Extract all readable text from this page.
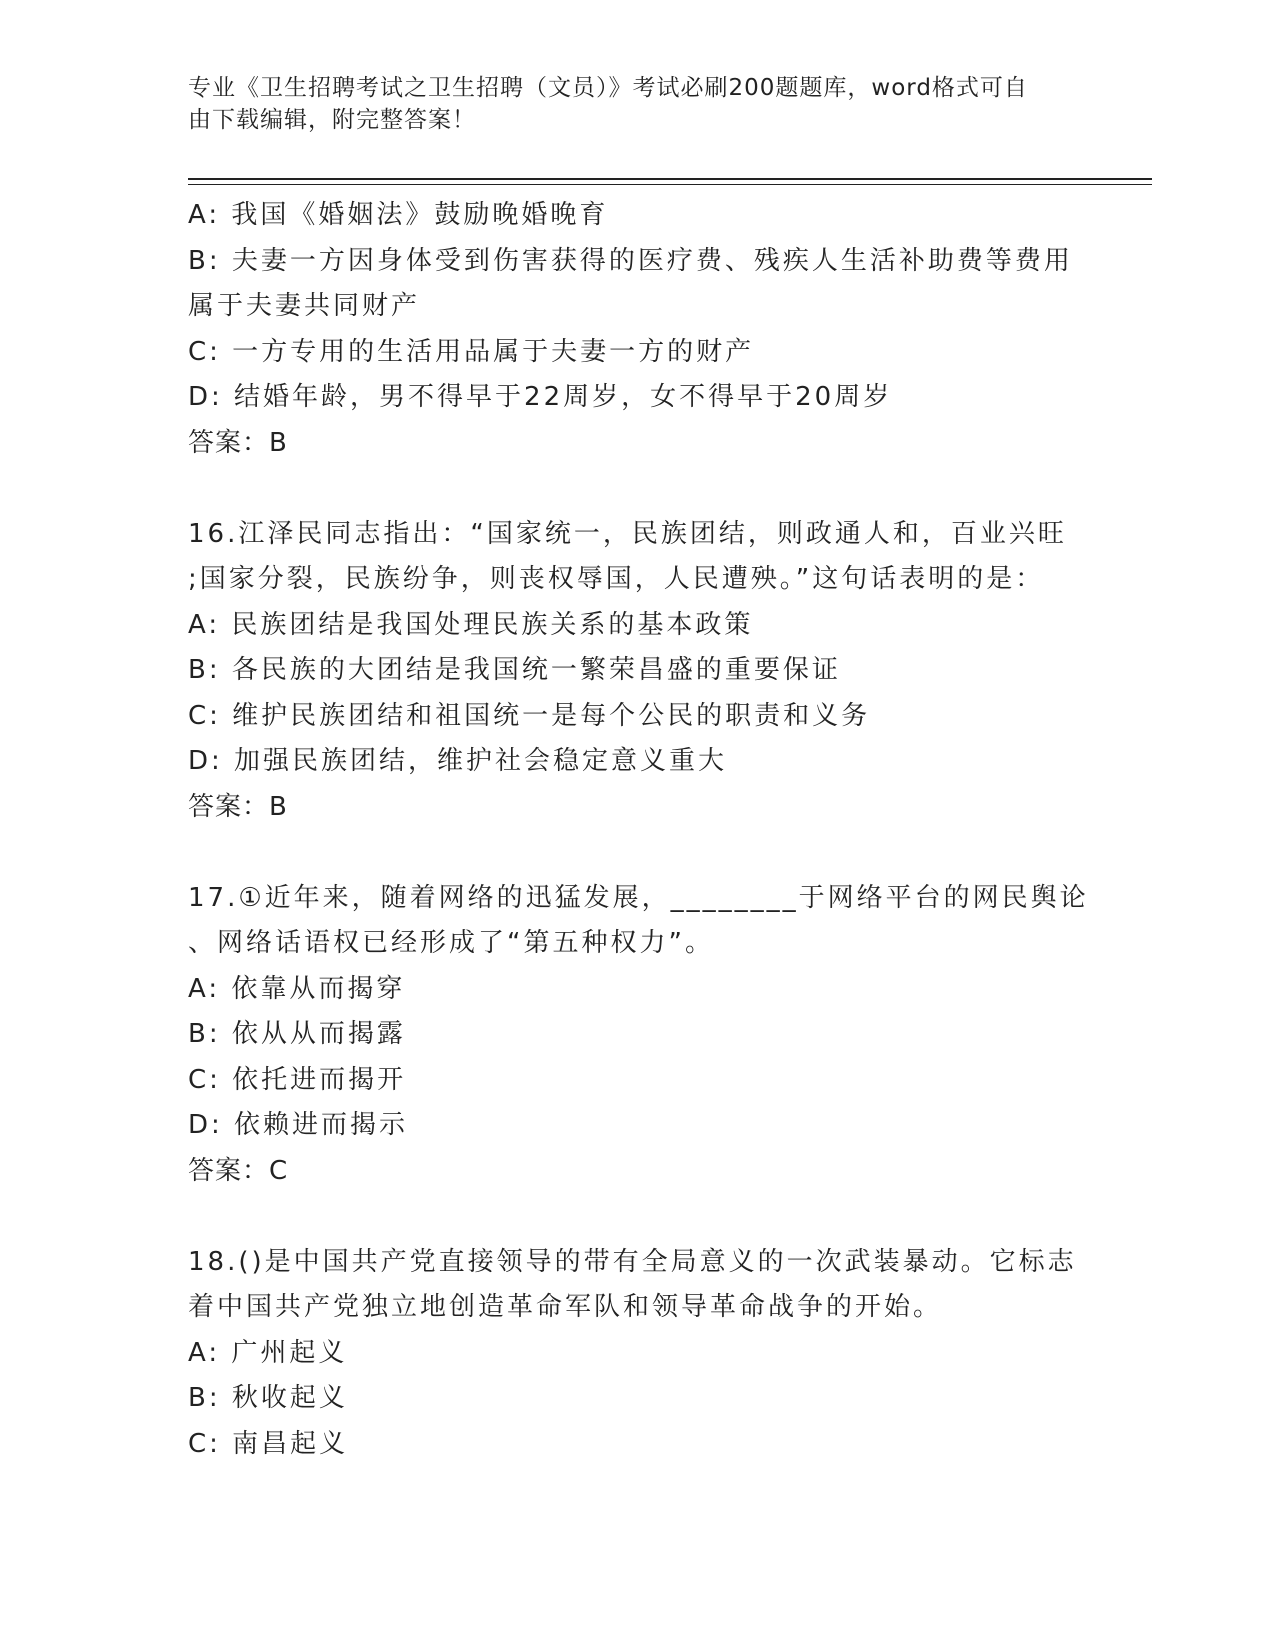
专业《卫生招聘考试之卫生招聘（文员）》考试必刷200题题库，word格式可自
由下载编辑，附完整答案！
A: 我国《婚姻法》鼓励晚婚晚育
B: 夫妻一方因身体受到伤害获得的医疗费、残疾人生活补助费等费用
属于夫妻共同财产
C: 一方专用的生活用品属于夫妻一方的财产
D: 结婚年龄，男不得早于22周岁，女不得早于20周岁
答案：B
16.江泽民同志指出：“国家统一，民族团结，则政通人和，百业兴旺
;国家分裂，民族纷争，则丧权辱国，人民遭殃。”这句话表明的是：
A: 民族团结是我国处理民族关系的基本政策
B: 各民族的大团结是我国统一繁荣昌盛的重要保证
C: 维护民族团结和祖国统一是每个公民的职责和义务
D: 加强民族团结，维护社会稳定意义重大
答案：B
17.①近年来，随着网络的迅猛发展，________于网络平台的网民舆论
、网络话语权已经形成了“第五种权力”。
A: 依靠从而揭穿
B: 依从从而揭露
C: 依托进而揭开
D: 依赖进而揭示
答案：C
18.()是中国共产党直接领导的带有全局意义的一次武装暴动。它标志
着中国共产党独立地创造革命军队和领导革命战争的开始。
A: 广州起义
B: 秋收起义
C: 南昌起义
